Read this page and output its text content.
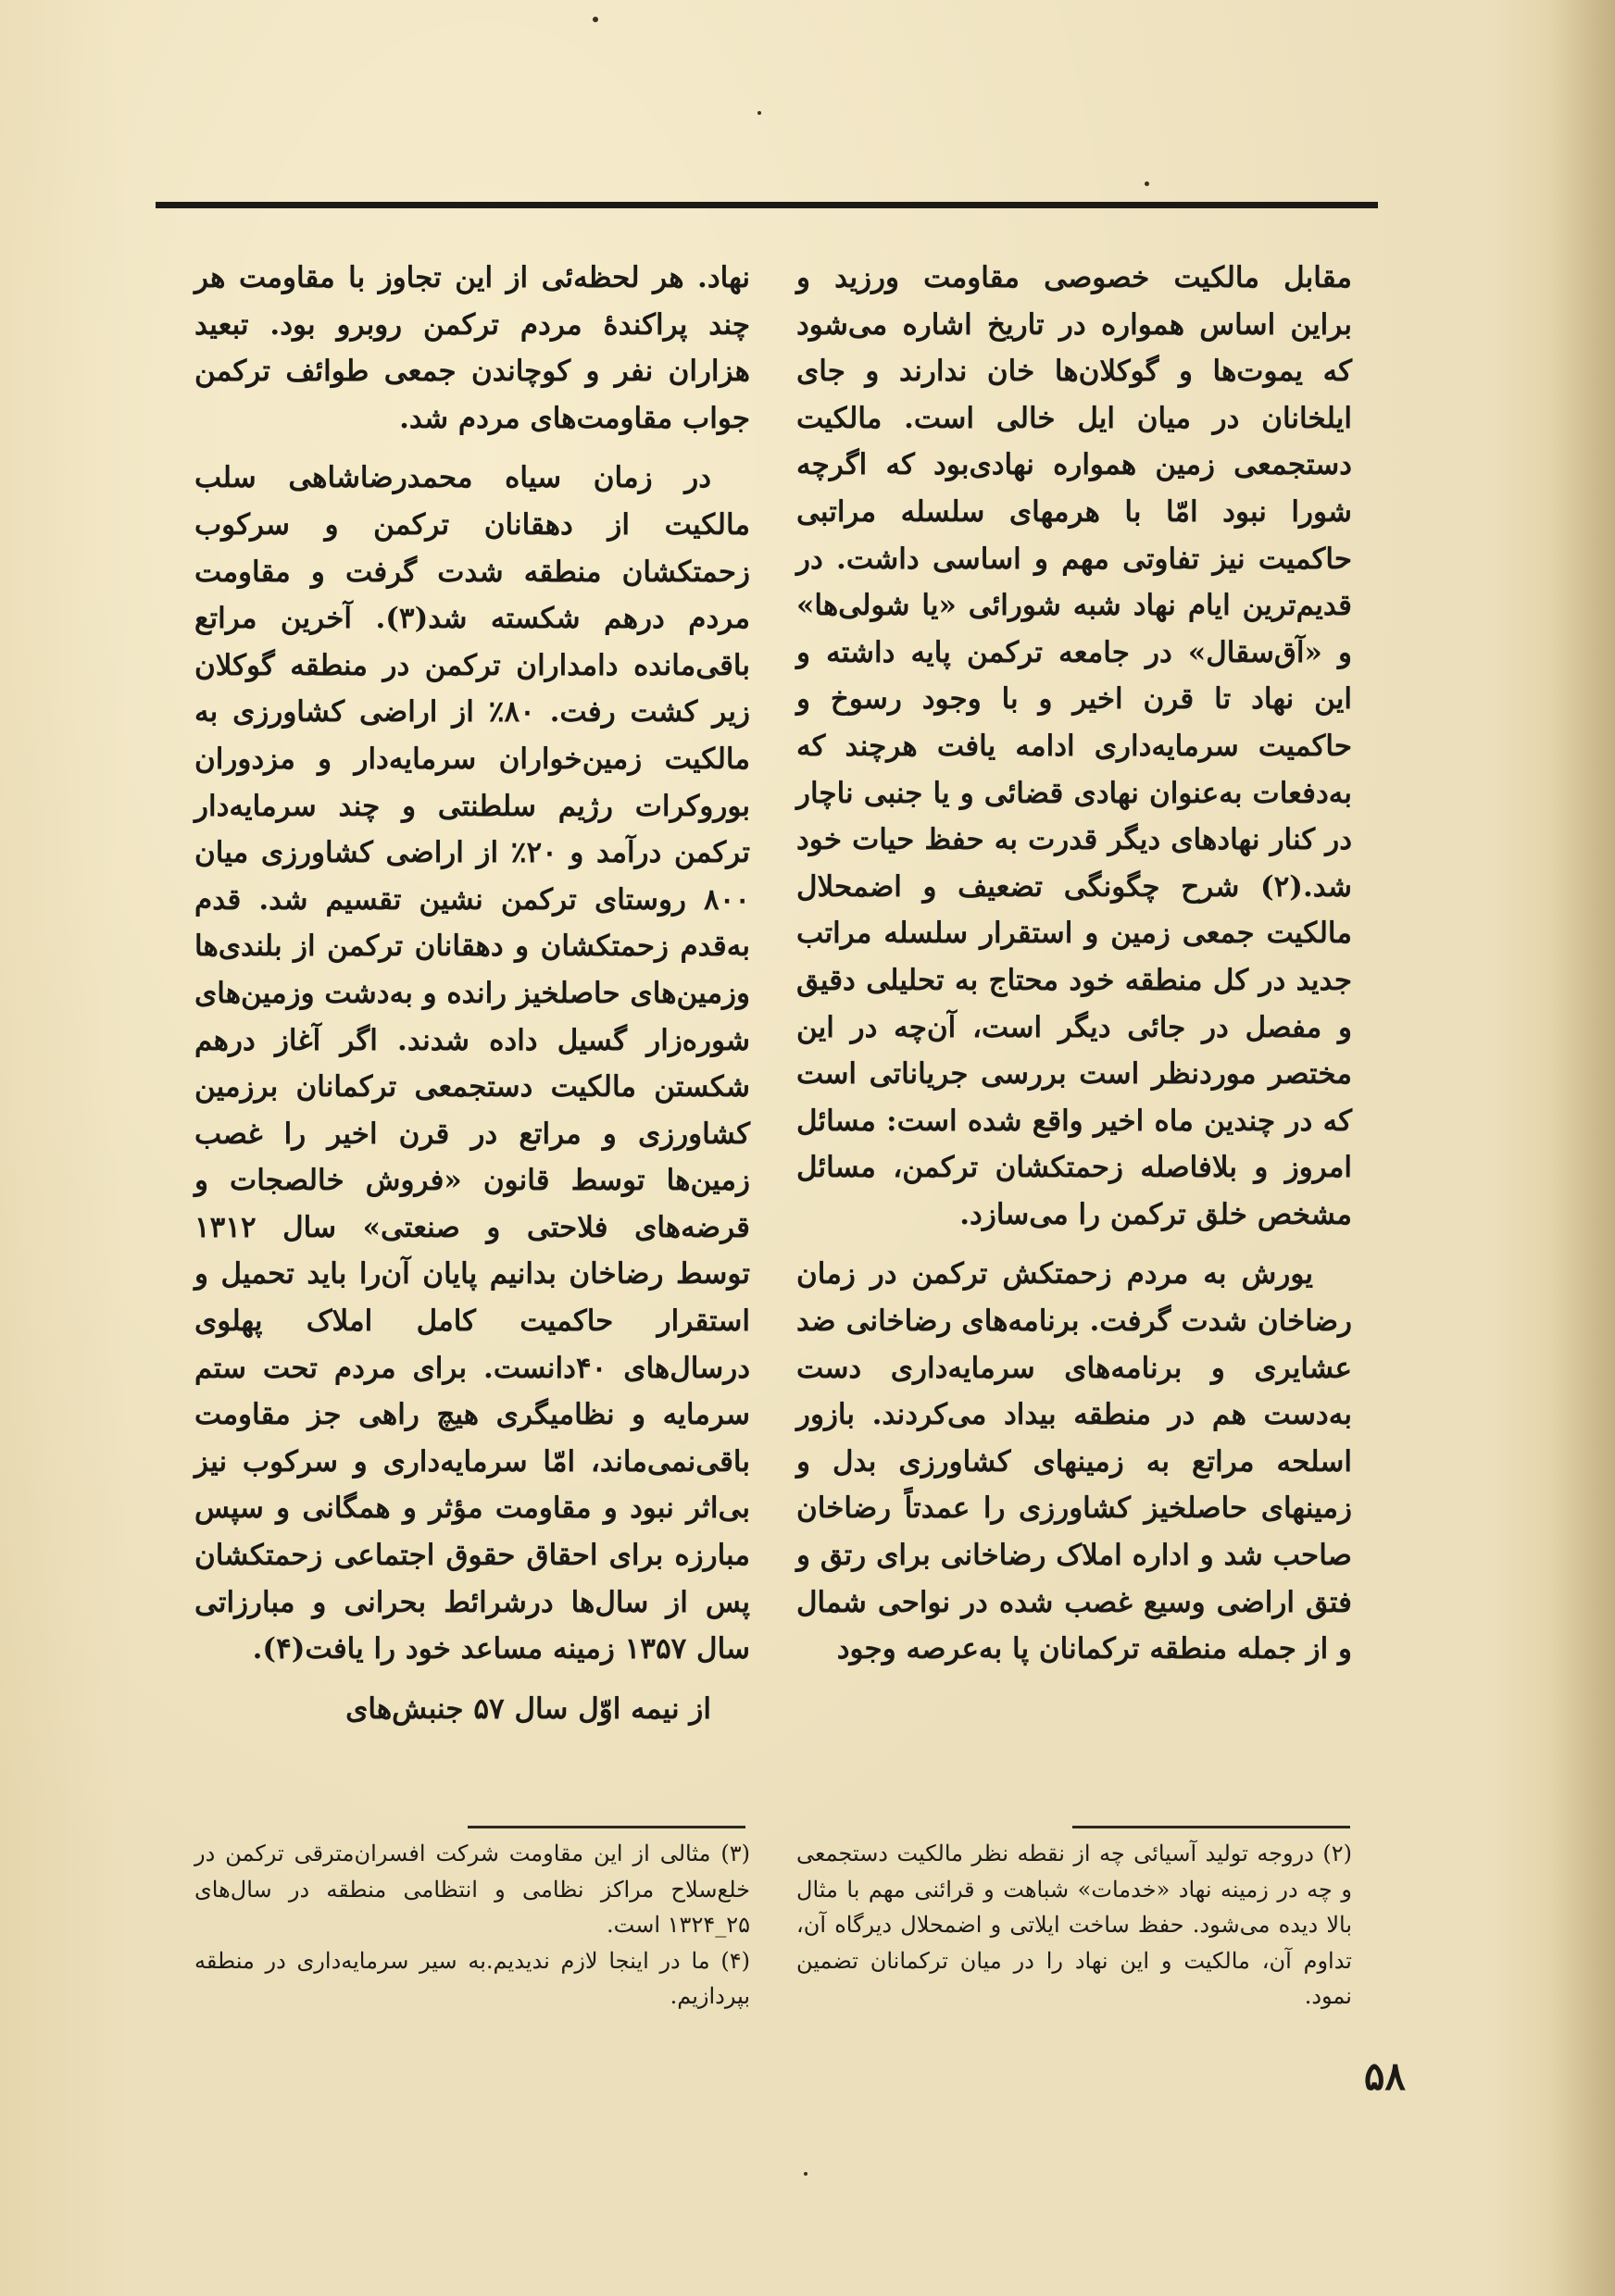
مقابل مالکیت خصوصی مقاومت ورزید و براین اساس همواره در تاریخ اشاره می‌شود که یموت‌ها و گوکلان‌ها خان ندارند و جای ایلخانان در میان ایل خالی است. مالکیت دستجمعی زمین همواره نهادی‌بود که اگرچه شورا نبود امّا با هرمهای سلسله مراتبی حاکمیت نیز تفاوتی مهم و اساسی داشت. در قدیم‌ترین ایام نهاد شبه شورائی «یا شولی‌ها» و «آق‌سقال» در جامعه ترکمن پایه داشته و این نهاد تا قرن اخیر و با وجود رسوخ و حاکمیت سرمایه‌داری ادامه یافت هرچند که به‌دفعات به‌عنوان نهادی قضائی و یا جنبی ناچار در کنار نهادهای دیگر قدرت به حفظ حیات خود شد.(۲) شرح چگونگی تضعیف و اضمحلال مالکیت جمعی زمین و استقرار سلسله مراتب جدید در کل منطقه خود محتاج به تحلیلی دقیق و مفصل در جائی دیگر است، آن‌چه در این مختصر موردنظر است بررسی جریاناتی است که در چندین ماه اخیر واقع شده است: مسائل امروز و بلافاصله زحمتکشان ترکمن، مسائل مشخص خلق ترکمن را می‌سازد.

یورش به مردم زحمتکش ترکمن در زمان رضاخان شدت گرفت. برنامه‌های رضاخانی ضد عشایری و برنامه‌های سرمایه‌داری دست به‌دست هم در منطقه بیداد می‌کردند. بازور اسلحه مراتع به زمینهای کشاورزی بدل و زمینهای حاصلخیز کشاورزی را عمدتاً رضاخان صاحب شد و اداره املاک رضاخانی برای رتق و فتق اراضی وسیع غصب شده در نواحی شمال و از جمله منطقه ترکمانان پا به‌عرصه وجود

نهاد. هر لحظه‌ئی از این تجاوز با مقاومت هر چند پراکندهٔ مردم ترکمن روبرو بود. تبعید هزاران نفر و کوچاندن جمعی طوائف ترکمن جواب مقاومت‌های مردم شد.

در زمان سیاه محمدرضاشاهی سلب مالکیت از دهقانان ترکمن و سرکوب زحمتکشان منطقه شدت گرفت و مقاومت مردم درهم شکسته شد(۳). آخرین مراتع باقی‌مانده دامداران ترکمن در منطقه گوکلان زیر کشت رفت. ۸۰٪ از اراضی کشاورزی به مالکیت زمین‌خواران سرمایه‌دار و مزدوران بوروکرات رژیم سلطنتی و چند سرمایه‌دار ترکمن درآمد و ۲۰٪ از اراضی کشاورزی میان ۸۰۰ روستای ترکمن نشین تقسیم شد. قدم به‌قدم زحمتکشان و دهقانان ترکمن از بلندی‌ها وزمین‌های حاصلخیز رانده و به‌دشت وزمین‌های شوره‌زار گسیل داده شدند. اگر آغاز درهم شکستن مالکیت دستجمعی ترکمانان برزمین کشاورزی و مراتع در قرن اخیر را غصب زمین‌ها توسط قانون «فروش خالصجات و قرضه‌های فلاحتی و صنعتی» سال ۱۳۱۲ توسط رضاخان بدانیم پایان آن‌را باید تحمیل و استقرار حاکمیت کامل املاک پهلوی درسال‌های ۴۰دانست. برای مردم تحت ستم سرمایه و نظامیگری هیچ راهی جز مقاومت باقی‌نمی‌ماند، امّا سرمایه‌داری و سرکوب نیز بی‌اثر نبود و مقاومت مؤثر و همگانی و سپس مبارزه برای احقاق حقوق اجتماعی زحمتکشان پس از سال‌ها درشرائط بحرانی و مبارزاتی سال ۱۳۵۷ زمینه مساعد خود را یافت(۴).

از نیمه اوّل سال ۵۷ جنبش‌های

(۲) درو‌جه تولید آسیائی چه از نقطه نظر مالکیت دستجمعی و چه در زمینه نهاد «خدمات» شباهت و قرائنی مهم با مثال بالا دیده می‌شود. حفظ ساخت ایلاتی و اضمحلال دیرگاه آن، تداوم آن، مالکیت و این نهاد را در میان ترکمانان تضمین نمود.

(۳) مثالی از این مقاومت شرکت افسران‌مترقی ترکمن در خلع‌سلاح مراکز نظامی و انتظامی منطقه در سال‌های ۲۵_۱۳۲۴ است.

(۴) ما در اینجا لازم ندیدیم.به سیر سرمایه‌داری در منطقه بپردازیم.

۵۸
